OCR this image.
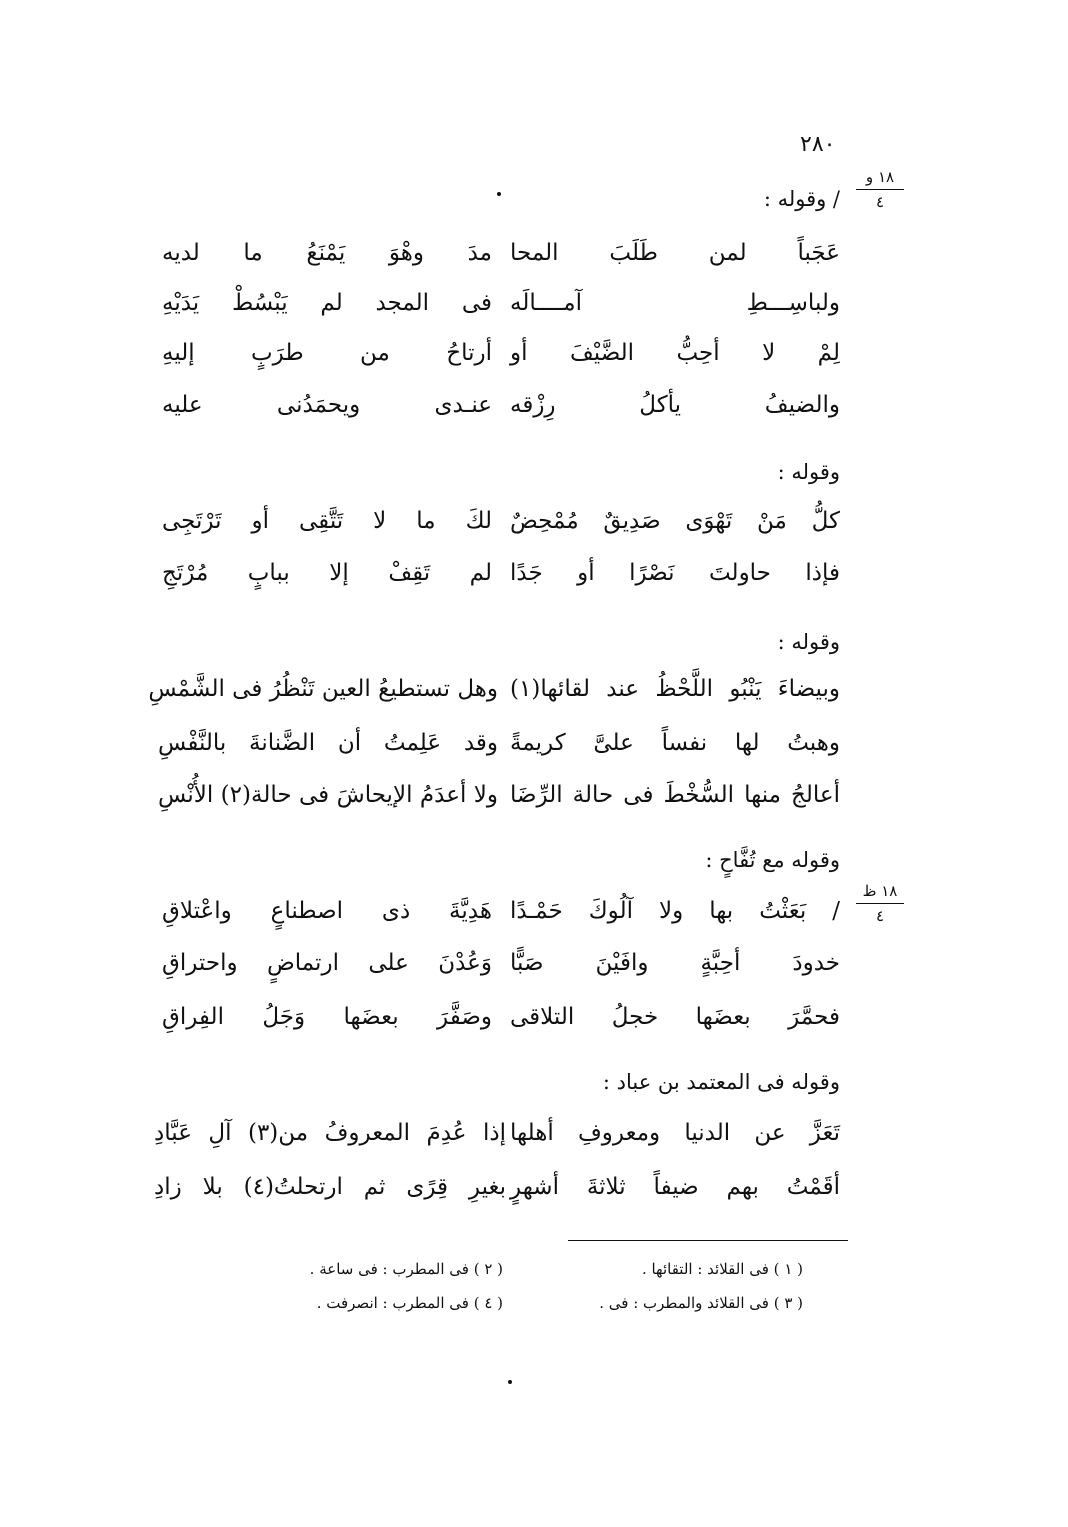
٢٨٠
١٨ و
٤
١٨ ظ
٤
/ وقوله :
عَجَباً لمن طَلَبَ المحا
مدَ وهْوَ يَمْنَعُ ما لديه
ولباسِـــطِ آمــــالَه
فى المجد لم يَبْسُطْ يَدَيْهِ
لِمْ لا أحِبُّ الضَّيْفَ أو
أرتاحُ من طرَبٍ إليهِ
والضيفُ يأكلُ رِزْقه
عنـدى ويحمَدُنى عليه
وقوله :
كلُّ مَنْ تَهْوَى صَدِيقٌ مُمْحِضٌ
لكَ ما لا تَتَّقِى أو تَرْتَجِى
فإذا حاولتَ نَصْرًا أو جَدًا
لم تَقِفْ إلا ببابٍ مُرْتَجِ
وقوله :
وبيضاءَ يَنْبُو اللَّحْظُ عند لقائها(١)
وهل تستطيعُ العين تَنْظُرُ فى الشَّمْسِ
وهبتُ لها نفساً علىَّ كريمةً
وقد عَلِمتُ أن الضَّنانةَ بالنَّفْسِ
أعالجُ منها السُّخْطَ فى حالة الرِّضَا
ولا أعدَمُ الإيحاشَ فى حالة(٢) الأُنْسِ
وقوله مع تُفَّاحٍ :
/ بَعَثْتُ بها ولا آلُوكَ حَمْـدًا
هَدِيَّةَ ذى اصطناعٍ واعْتلاقِ
خدودَ أحِبَّةٍ وافَيْنَ صَبًّا
وَعُدْنَ على ارتماضٍ واحتراقِ
فحمَّرَ بعضَها خجلُ التلاقى
وصَفَّرَ بعضَها وَجَلُ الفِراقِ
وقوله فى المعتمد بن عباد :
تَعَزَّ عن الدنيا ومعروفِ أهلها
إذا عُدِمَ المعروفُ من(٣) آلِ عَبَّادِ
أقَمْتُ بهم ضيفاً ثلاثةَ أشهرٍ
بغيرِ قِرًى ثم ارتحلتُ(٤) بلا زادِ
( ١ ) فى القلائد : التقائها .
( ٢ ) فى المطرب : فى ساعة .
( ٣ ) فى القلائد والمطرب : فى .
( ٤ ) فى المطرب : انصرفت .
